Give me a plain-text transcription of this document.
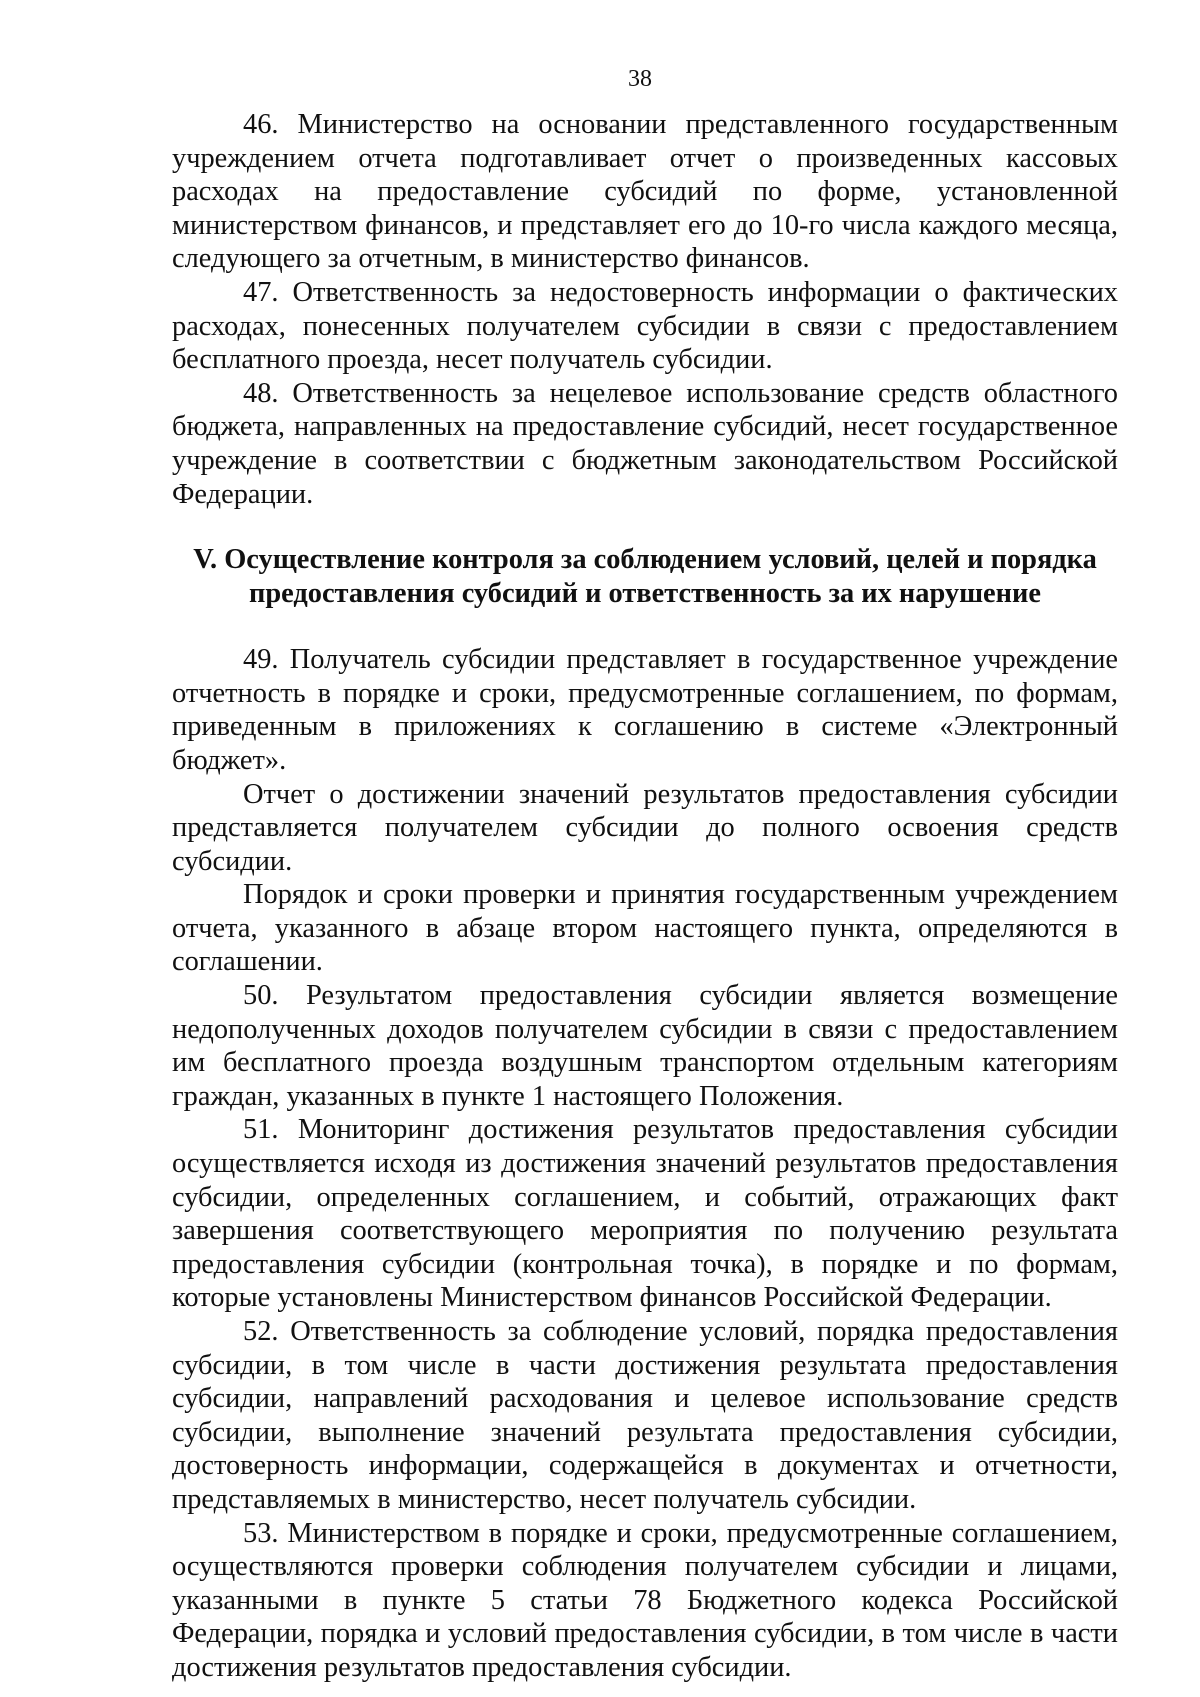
38

46. Министерство на основании представленного государственным учреждением отчета подготавливает отчет о произведенных кассовых расходах на предоставление субсидий по форме, установленной министерством финансов, и представляет его до 10-го числа каждого месяца, следующего за отчетным, в министерство финансов.

47. Ответственность за недостоверность информации о фактических расходах, понесенных получателем субсидии в связи с предоставлением бесплатного проезда, несет получатель субсидии.

48. Ответственность за нецелевое использование средств областного бюджета, направленных на предоставление субсидий, несет государственное учреждение в соответствии с бюджетным законодательством Российской Федерации.

V. Осуществление контроля за соблюдением условий, целей и порядка
предоставления субсидий и ответственность за их нарушение

49. Получатель субсидии представляет в государственное учреждение отчетность в порядке и сроки, предусмотренные соглашением, по формам, приведенным в приложениях к соглашению в системе «Электронный бюджет».

Отчет о достижении значений результатов предоставления субсидии представляется получателем субсидии до полного освоения средств субсидии.

Порядок и сроки проверки и принятия государственным учреждением отчета, указанного в абзаце втором настоящего пункта, определяются в соглашении.

50. Результатом предоставления субсидии является возмещение недополученных доходов получателем субсидии в связи с предоставлением им бесплатного проезда воздушным транспортом отдельным категориям граждан, указанных в пункте 1 настоящего Положения.

51. Мониторинг достижения результатов предоставления субсидии осуществляется исходя из достижения значений результатов предоставления субсидии, определенных соглашением, и событий, отражающих факт завершения соответствующего мероприятия по получению результата предоставления субсидии (контрольная точка), в порядке и по формам, которые установлены Министерством финансов Российской Федерации.

52. Ответственность за соблюдение условий, порядка предоставления субсидии, в том числе в части достижения результата предоставления субсидии, направлений расходования и целевое использование средств субсидии, выполнение значений результата предоставления субсидии, достоверность информации, содержащейся в документах и отчетности, представляемых в министерство, несет получатель субсидии.

53. Министерством в порядке и сроки, предусмотренные соглашением, осуществляются проверки соблюдения получателем субсидии и лицами, указанными в пункте 5 статьи 78 Бюджетного кодекса Российской Федерации, порядка и условий предоставления субсидии, в том числе в части достижения результатов предоставления субсидии.
